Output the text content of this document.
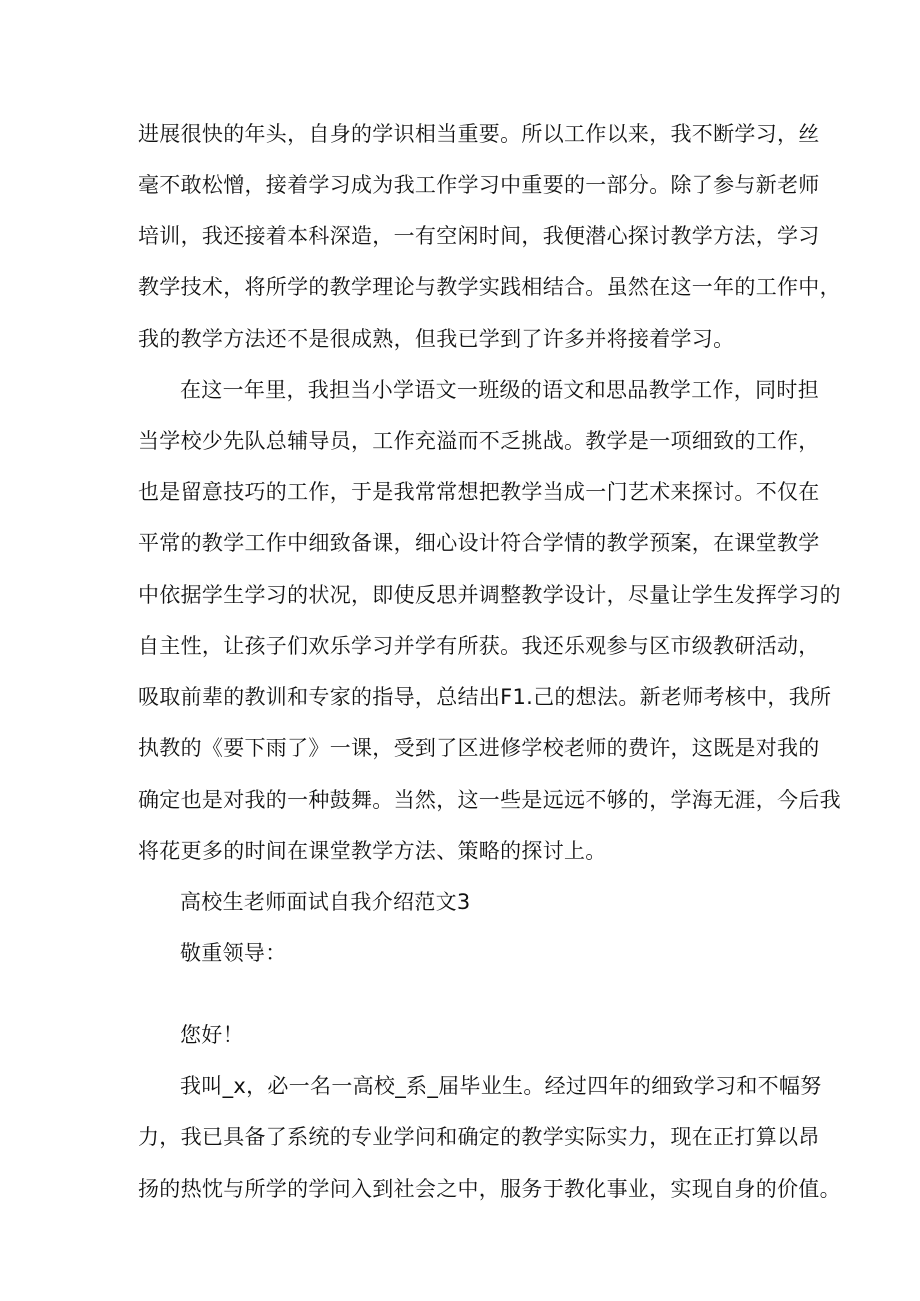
进展很快的年头，自身的学识相当重要。所以工作以来，我不断学习，丝
毫不敢松憎，接着学习成为我工作学习中重要的一部分。除了参与新老师
培训，我还接着本科深造，一有空闲时间，我便潜心探讨教学方法，学习
教学技术，将所学的教学理论与教学实践相结合。虽然在这一年的工作中，
我的教学方法还不是很成熟，但我已学到了许多并将接着学习。
在这一年里，我担当小学语文一班级的语文和思品教学工作，同时担
当学校少先队总辅导员，工作充溢而不乏挑战。教学是一项细致的工作，
也是留意技巧的工作，于是我常常想把教学当成一门艺术来探讨。不仅在
平常的教学工作中细致备课，细心设计符合学情的教学预案，在课堂教学
中依据学生学习的状况，即使反思并调整教学设计，尽量让学生发挥学习的
自主性，让孩子们欢乐学习并学有所获。我还乐观参与区市级教研活动，
吸取前辈的教训和专家的指导，总结出F1.己的想法。新老师考核中，我所
执教的《要下雨了》一课，受到了区进修学校老师的费许，这既是对我的
确定也是对我的一种鼓舞。当然，这一些是远远不够的，学海无涯，今后我
将花更多的时间在课堂教学方法、策略的探讨上。
高校生老师面试自我介绍范文3
敬重领导：
您好！
我叫_x，必一名一高校_系_届毕业生。经过四年的细致学习和不幅努
力，我已具备了系统的专业学问和确定的教学实际实力，现在正打算以昂
扬的热忱与所学的学问入到社会之中，服务于教化事业，实现自身的价值。
